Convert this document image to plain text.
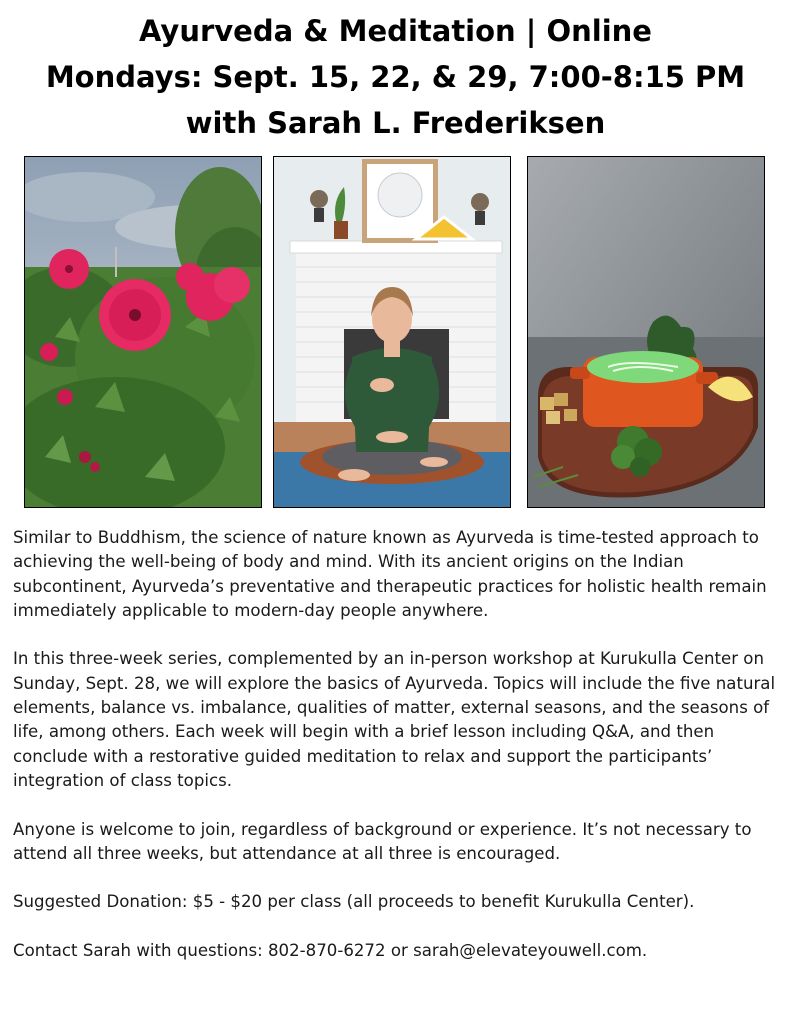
Ayurveda & Meditation | Online
Mondays: Sept. 15, 22, & 29, 7:00-8:15 PM
with Sarah L. Frederiksen

Similar to Buddhism, the science of nature known as Ayurveda is time-tested approach to achieving the well-being of body and mind. With its ancient origins on the Indian subcontinent, Ayurveda’s preventative and therapeutic practices for holistic health remain immediately applicable to modern-day people anywhere.

In this three-week series, complemented by an in-person workshop at Kurukulla Center on Sunday, Sept. 28, we will explore the basics of Ayurveda. Topics will include the five natural elements, balance vs. imbalance, qualities of matter, external seasons, and the seasons of life, among others. Each week will begin with a brief lesson including Q&A, and then conclude with a restorative guided meditation to relax and support the participants’ integration of class topics.

Anyone is welcome to join, regardless of background or experience. It’s not necessary to attend all three weeks, but attendance at all three is encouraged.

Suggested Donation: $5 - $20 per class (all proceeds to benefit Kurukulla Center).

Contact Sarah with questions: 802-870-6272 or sarah@elevateyouwell.com.
